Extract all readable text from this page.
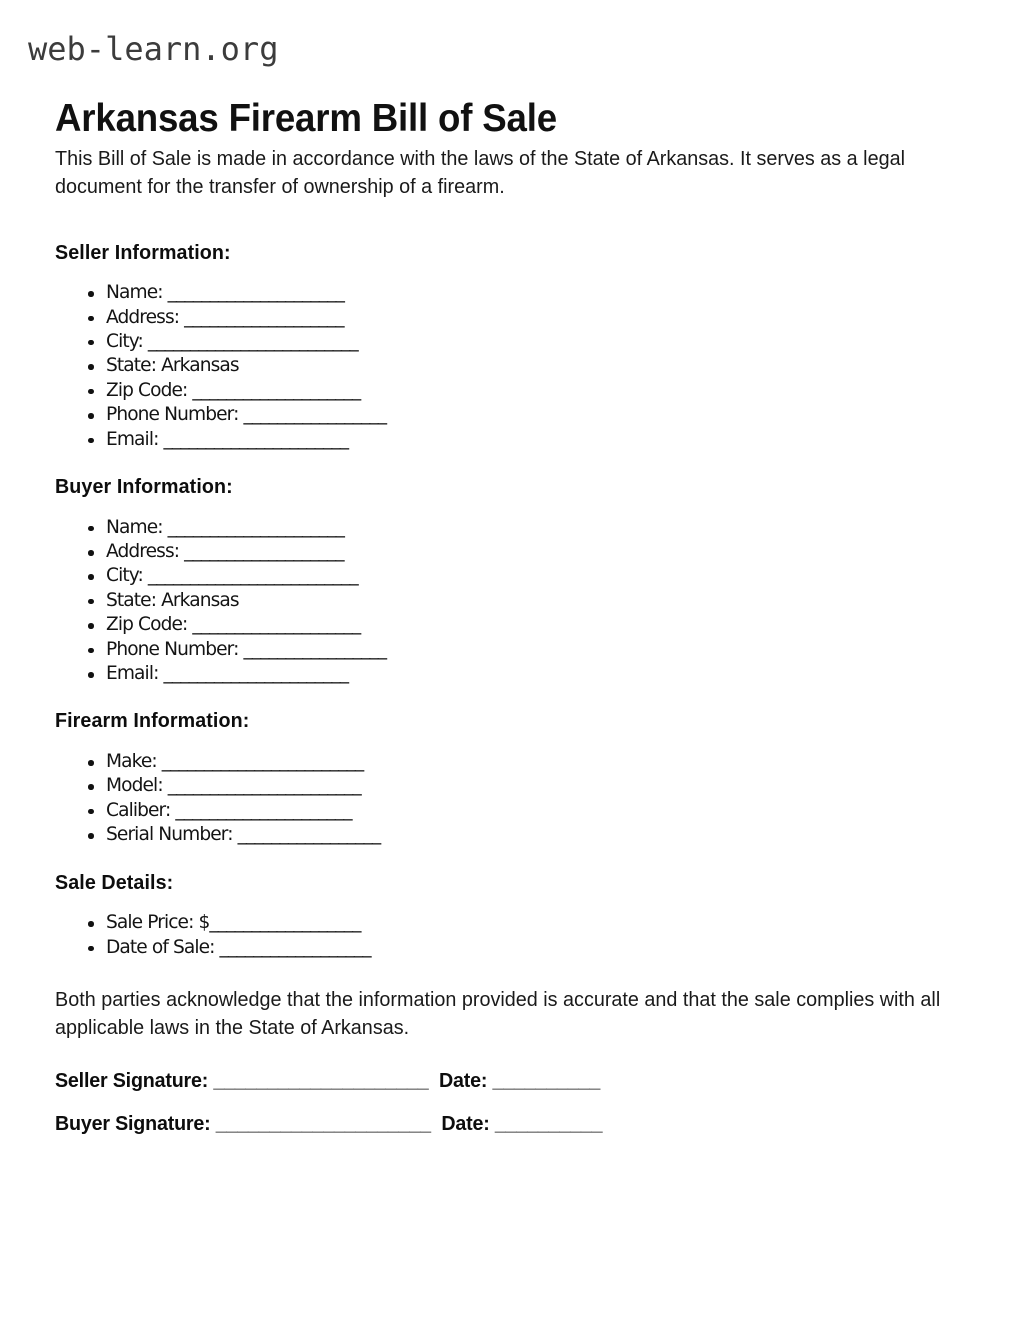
web-learn.org
Arkansas Firearm Bill of Sale

This Bill of Sale is made in accordance with the laws of the State of Arkansas. It serves as a legal document for the transfer of ownership of a firearm.

Seller Information:
Name: _____________________
Address: ___________________
City: _________________________
State: Arkansas
Zip Code: ____________________
Phone Number: _________________
Email: ______________________
Buyer Information:
Name: _____________________
Address: ___________________
City: _________________________
State: Arkansas
Zip Code: ____________________
Phone Number: _________________
Email: ______________________
Firearm Information:
Make: ________________________
Model: _______________________
Caliber: _____________________
Serial Number: _________________
Sale Details:
Sale Price: $__________________
Date of Sale: __________________

Both parties acknowledge that the information provided is accurate and that the sale complies with all applicable laws in the State of Arkansas.

Seller Signature: ____________________  Date: __________
Buyer Signature: ____________________  Date: __________
